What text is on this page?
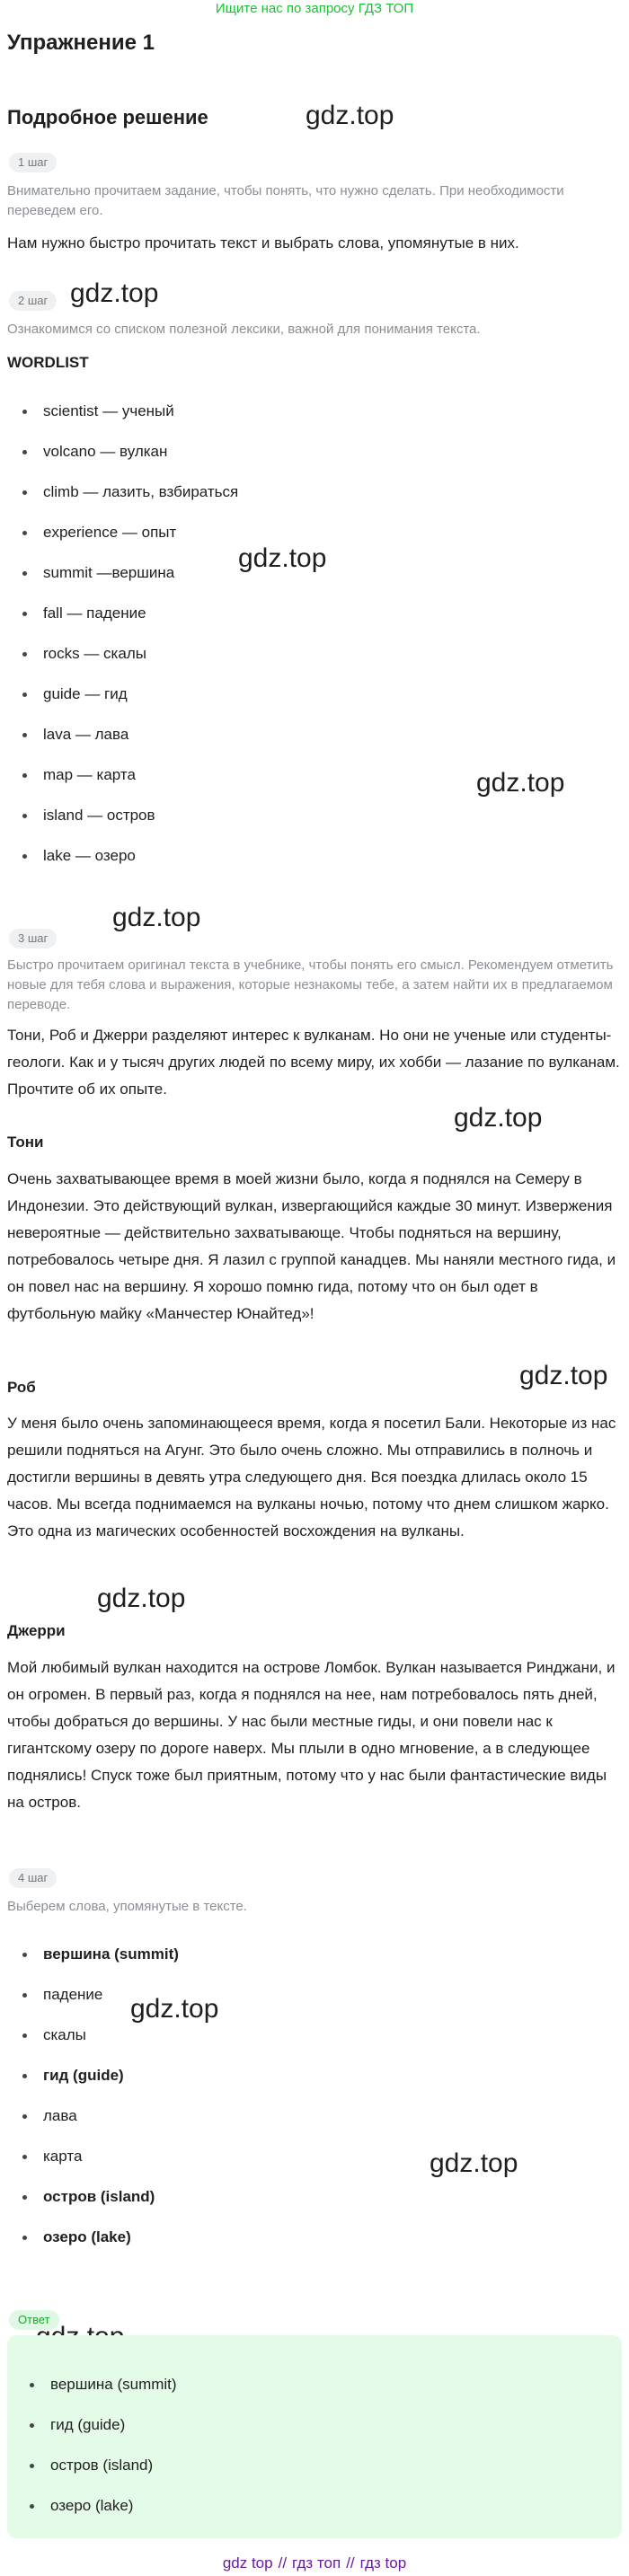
Ищите нас по запросу ГДЗ ТОП
Упражнение 1
Подробное решение	gdz.top
gdz.top
gdz.top
gdz.top
gdz.top
gdz.top
gdz.top
gdz.top
gdz.top
gdz.top
1 шаг
Внимательно прочитаем задание, чтобы понять, что нужно сделать. При необходимости переведем его.
Нам нужно быстро прочитать текст и выбрать слова, упомянутые в них.
2 шаг
Ознакомимся со списком полезной лексики, важной для понимания текста.
WORDLIST
scientist — ученый
volcano — вулкан
climb — лазить, взбираться
experience — опыт
summit —вершина
fall — падение
rocks — скалы
guide — гид
lava — лава
map — карта
island — остров
lake — озеро
3 шаг
Быстро прочитаем оригинал текста в учебнике, чтобы понять его смысл. Рекомендуем отметить новые для тебя слова и выражения, которые незнакомы тебе, а затем найти их в предлагаемом переводе.
Тони, Роб и Джерри разделяют интерес к вулканам. Но они не ученые или студенты-геологи. Как и у тысяч других людей по всему миру, их хобби — лазание по вулканам. Прочтите об их опыте.
Тони
Очень захватывающее время в моей жизни было, когда я поднялся на Семеру в Индонезии. Это действующий вулкан, извергающийся каждые 30 минут. Извержения невероятные — действительно захватывающе. Чтобы подняться на вершину, потребовалось четыре дня. Я лазил с группой канадцев. Мы наняли местного гида, и он повел нас на вершину. Я хорошо помню гида, потому что он был одет в футбольную майку «Манчестер Юнайтед»!
Роб
У меня было очень запоминающееся время, когда я посетил Бали. Некоторые из нас решили подняться на Агунг. Это было очень сложно. Мы отправились в полночь и достигли вершины в девять утра следующего дня. Вся поездка длилась около 15 часов. Мы всегда поднимаемся на вулканы ночью, потому что днем слишком жарко. Это одна из магических особенностей восхождения на вулканы.
Джерри
Мой любимый вулкан находится на острове Ломбок. Вулкан называется Ринджани, и он огромен. В первый раз, когда я поднялся на нее, нам потребовалось пять дней, чтобы добраться до вершины. У нас были местные гиды, и они повели нас к гигантскому озеру по дороге наверх. Мы плыли в одно мгновение, а в следующее поднялись! Спуск тоже был приятным, потому что у нас были фантастические виды на остров.
4 шаг
Выберем слова, упомянутые в тексте.
вершина (summit)
падение
скалы
гид (guide)
лава
карта
остров (island)
озеро (lake)
Ответ
вершина (summit)
гид (guide)
остров (island)
озеро (lake)
gdz top // гдз топ // гдз top
